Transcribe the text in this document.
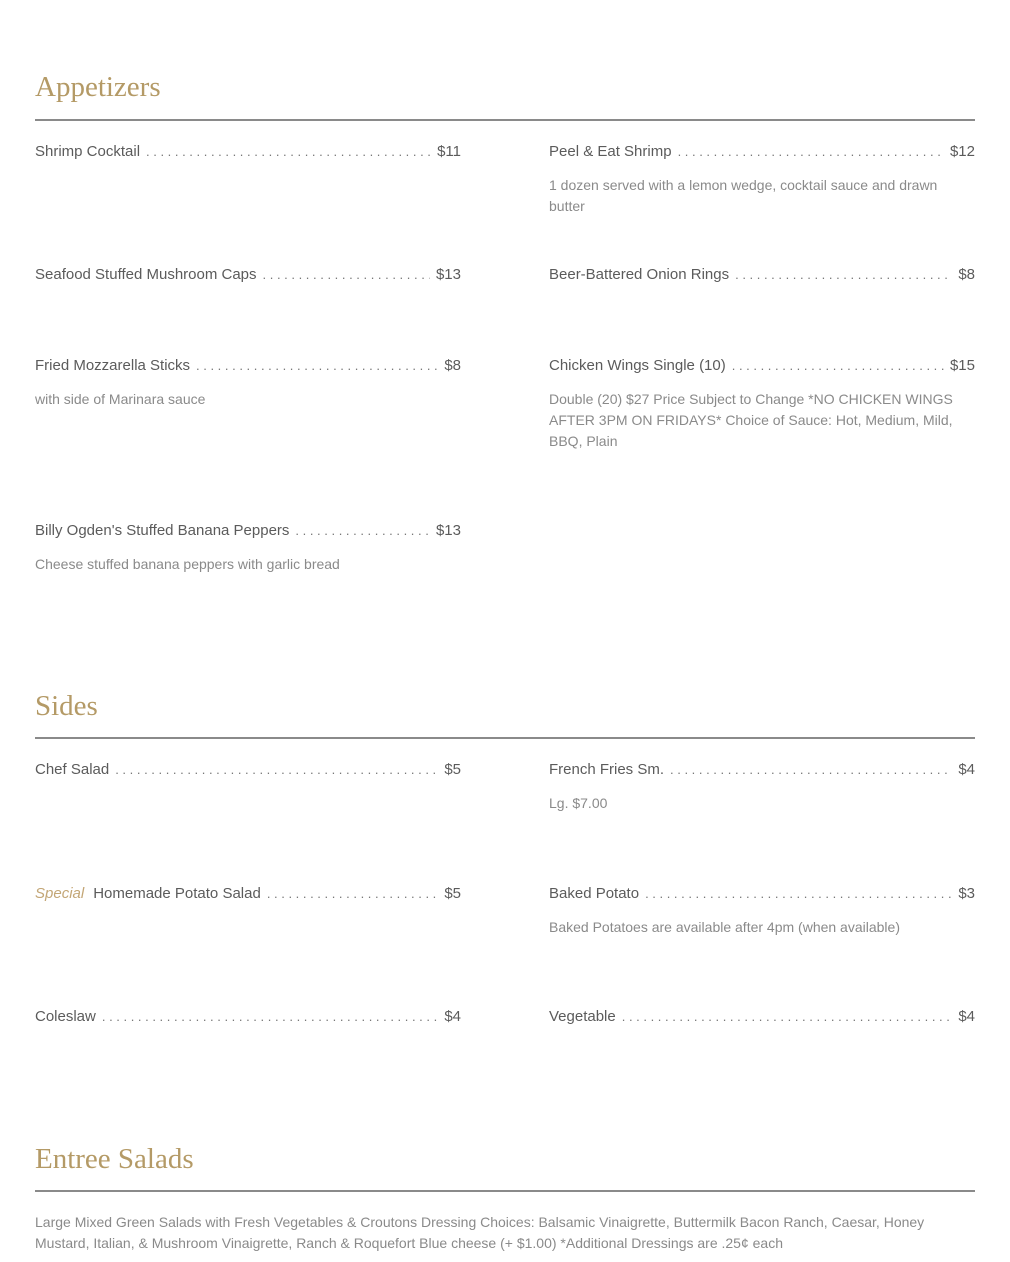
Appetizers
Shrimp Cocktail .....	$11	Peel & Eat Shrimp .....	$12
1 dozen served with a lemon wedge, cocktail sauce and drawn butter
Seafood Stuffed Mushroom Caps .....	$13	Beer-Battered Onion Rings .....	$8
Fried Mozzarella Sticks .....	$8
with side of Marinara sauce
Chicken Wings Single (10) .....	$15
Double (20) $27 Price Subject to Change *NO CHICKEN WINGS AFTER 3PM ON FRIDAYS* Choice of Sauce: Hot, Medium, Mild, BBQ, Plain
Billy Ogden's Stuffed Banana Peppers .....	$13
Cheese stuffed banana peppers with garlic bread
Sides
Chef Salad .....	$5	French Fries Sm. .....	$4
Lg. $7.00
Special Homemade Potato Salad .....	$5	Baked Potato .....	$3
Baked Potatoes are available after 4pm (when available)
Coleslaw .....	$4	Vegetable .....	$4
Entree Salads
Large Mixed Green Salads with Fresh Vegetables & Croutons Dressing Choices: Balsamic Vinaigrette, Buttermilk Bacon Ranch, Caesar, Honey Mustard, Italian, & Mushroom Vinaigrette, Ranch & Roquefort Blue cheese (+ $1.00) *Additional Dressings are .25¢ each
